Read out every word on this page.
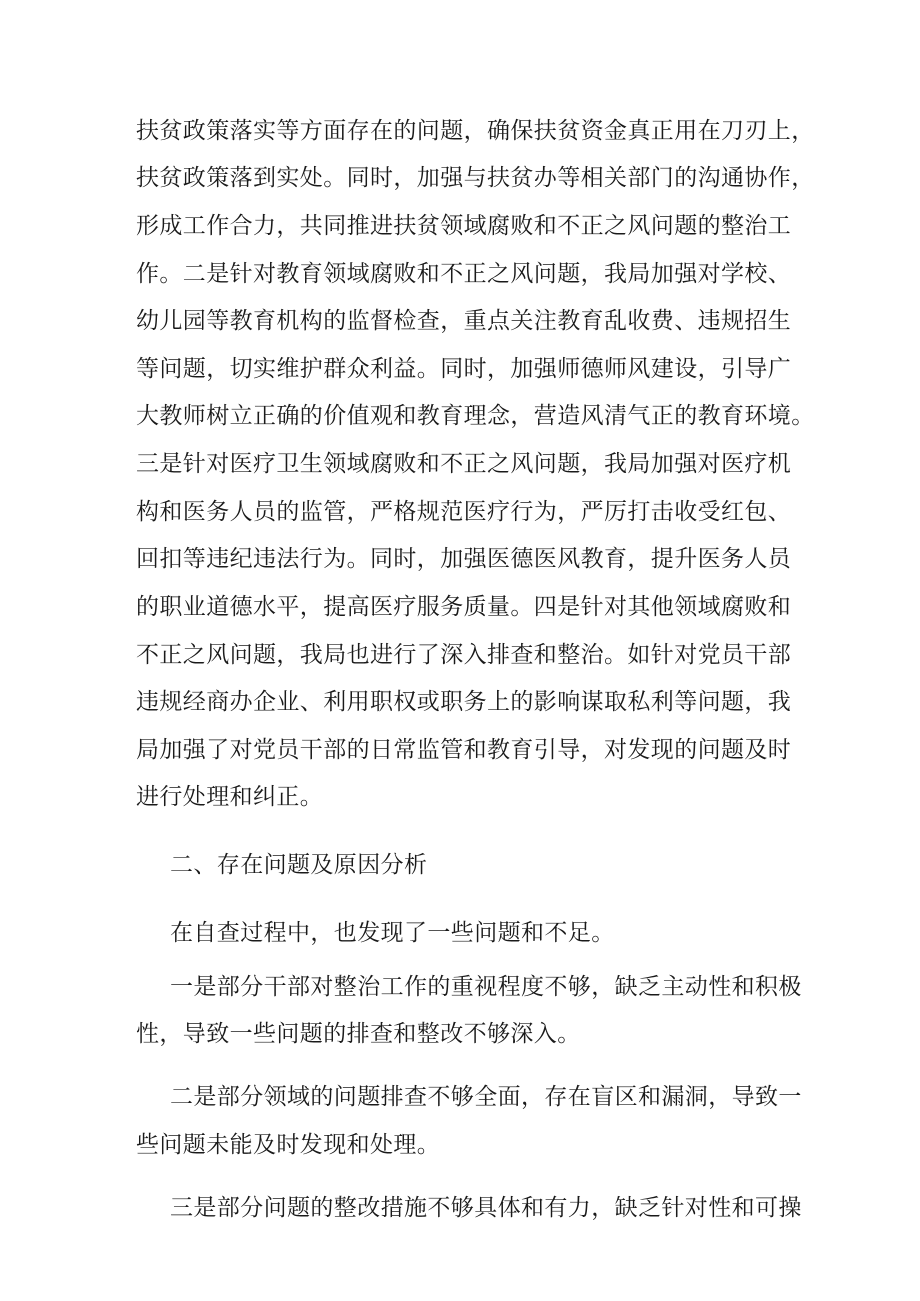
扶贫政策落实等方面存在的问题，确保扶贫资金真正用在刀刃上，
扶贫政策落到实处。同时，加强与扶贫办等相关部门的沟通协作，
形成工作合力，共同推进扶贫领域腐败和不正之风问题的整治工
作。二是针对教育领域腐败和不正之风问题，我局加强对学校、
幼儿园等教育机构的监督检查，重点关注教育乱收费、违规招生
等问题，切实维护群众利益。同时，加强师德师风建设，引导广
大教师树立正确的价值观和教育理念，营造风清气正的教育环境。
三是针对医疗卫生领域腐败和不正之风问题，我局加强对医疗机
构和医务人员的监管，严格规范医疗行为，严厉打击收受红包、
回扣等违纪违法行为。同时，加强医德医风教育，提升医务人员
的职业道德水平，提高医疗服务质量。四是针对其他领域腐败和
不正之风问题，我局也进行了深入排查和整治。如针对党员干部
违规经商办企业、利用职权或职务上的影响谋取私利等问题，我
局加强了对党员干部的日常监管和教育引导，对发现的问题及时
进行处理和纠正。
二、存在问题及原因分析
在自查过程中，也发现了一些问题和不足。
一是部分干部对整治工作的重视程度不够，缺乏主动性和积极
性，导致一些问题的排查和整改不够深入。
二是部分领域的问题排查不够全面，存在盲区和漏洞，导致一
些问题未能及时发现和处理。
三是部分问题的整改措施不够具体和有力，缺乏针对性和可操
